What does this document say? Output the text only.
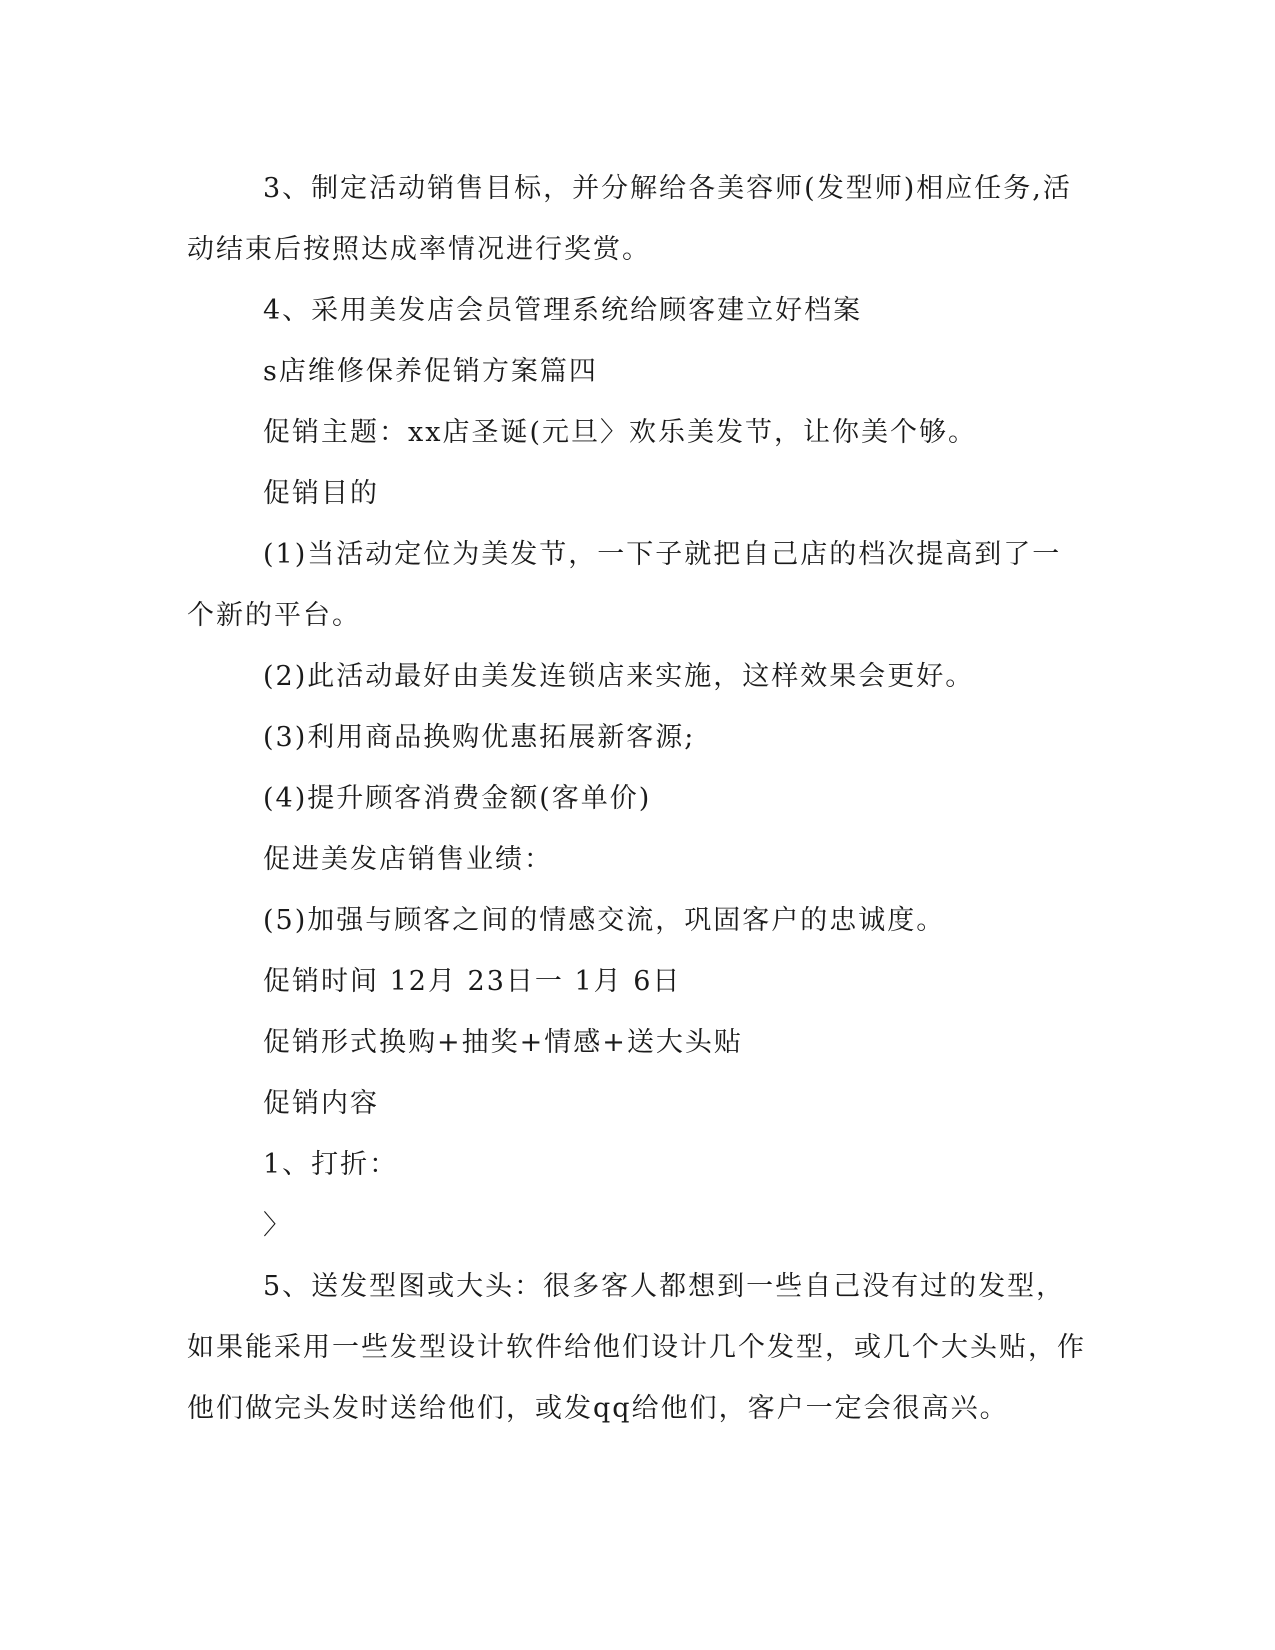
3、制定活动销售目标，并分解给各美容师(发型师)相应任务,活动结束后按照达成率情况进行奖赏。

4、采用美发店会员管理系统给顾客建立好档案

s店维修保养促销方案篇四

促销主题：xx店圣诞(元旦〉欢乐美发节，让你美个够。

促销目的

(1)当活动定位为美发节，一下子就把自己店的档次提高到了一个新的平台。

(2)此活动最好由美发连锁店来实施，这样效果会更好。

(3)利用商品换购优惠拓展新客源;

(4)提升顾客消费金额(客单价)

促进美发店销售业绩：

(5)加强与顾客之间的情感交流，巩固客户的忠诚度。

促销时间 12月 23日一 1月 6日

促销形式换购+抽奖+情感+送大头贴

促销内容

1、打折：

〉

5、送发型图或大头：很多客人都想到一些自己没有过的发型，如果能采用一些发型设计软件给他们设计几个发型，或几个大头贴，作他们做完头发时送给他们，或发qq给他们，客户一定会很高兴。
